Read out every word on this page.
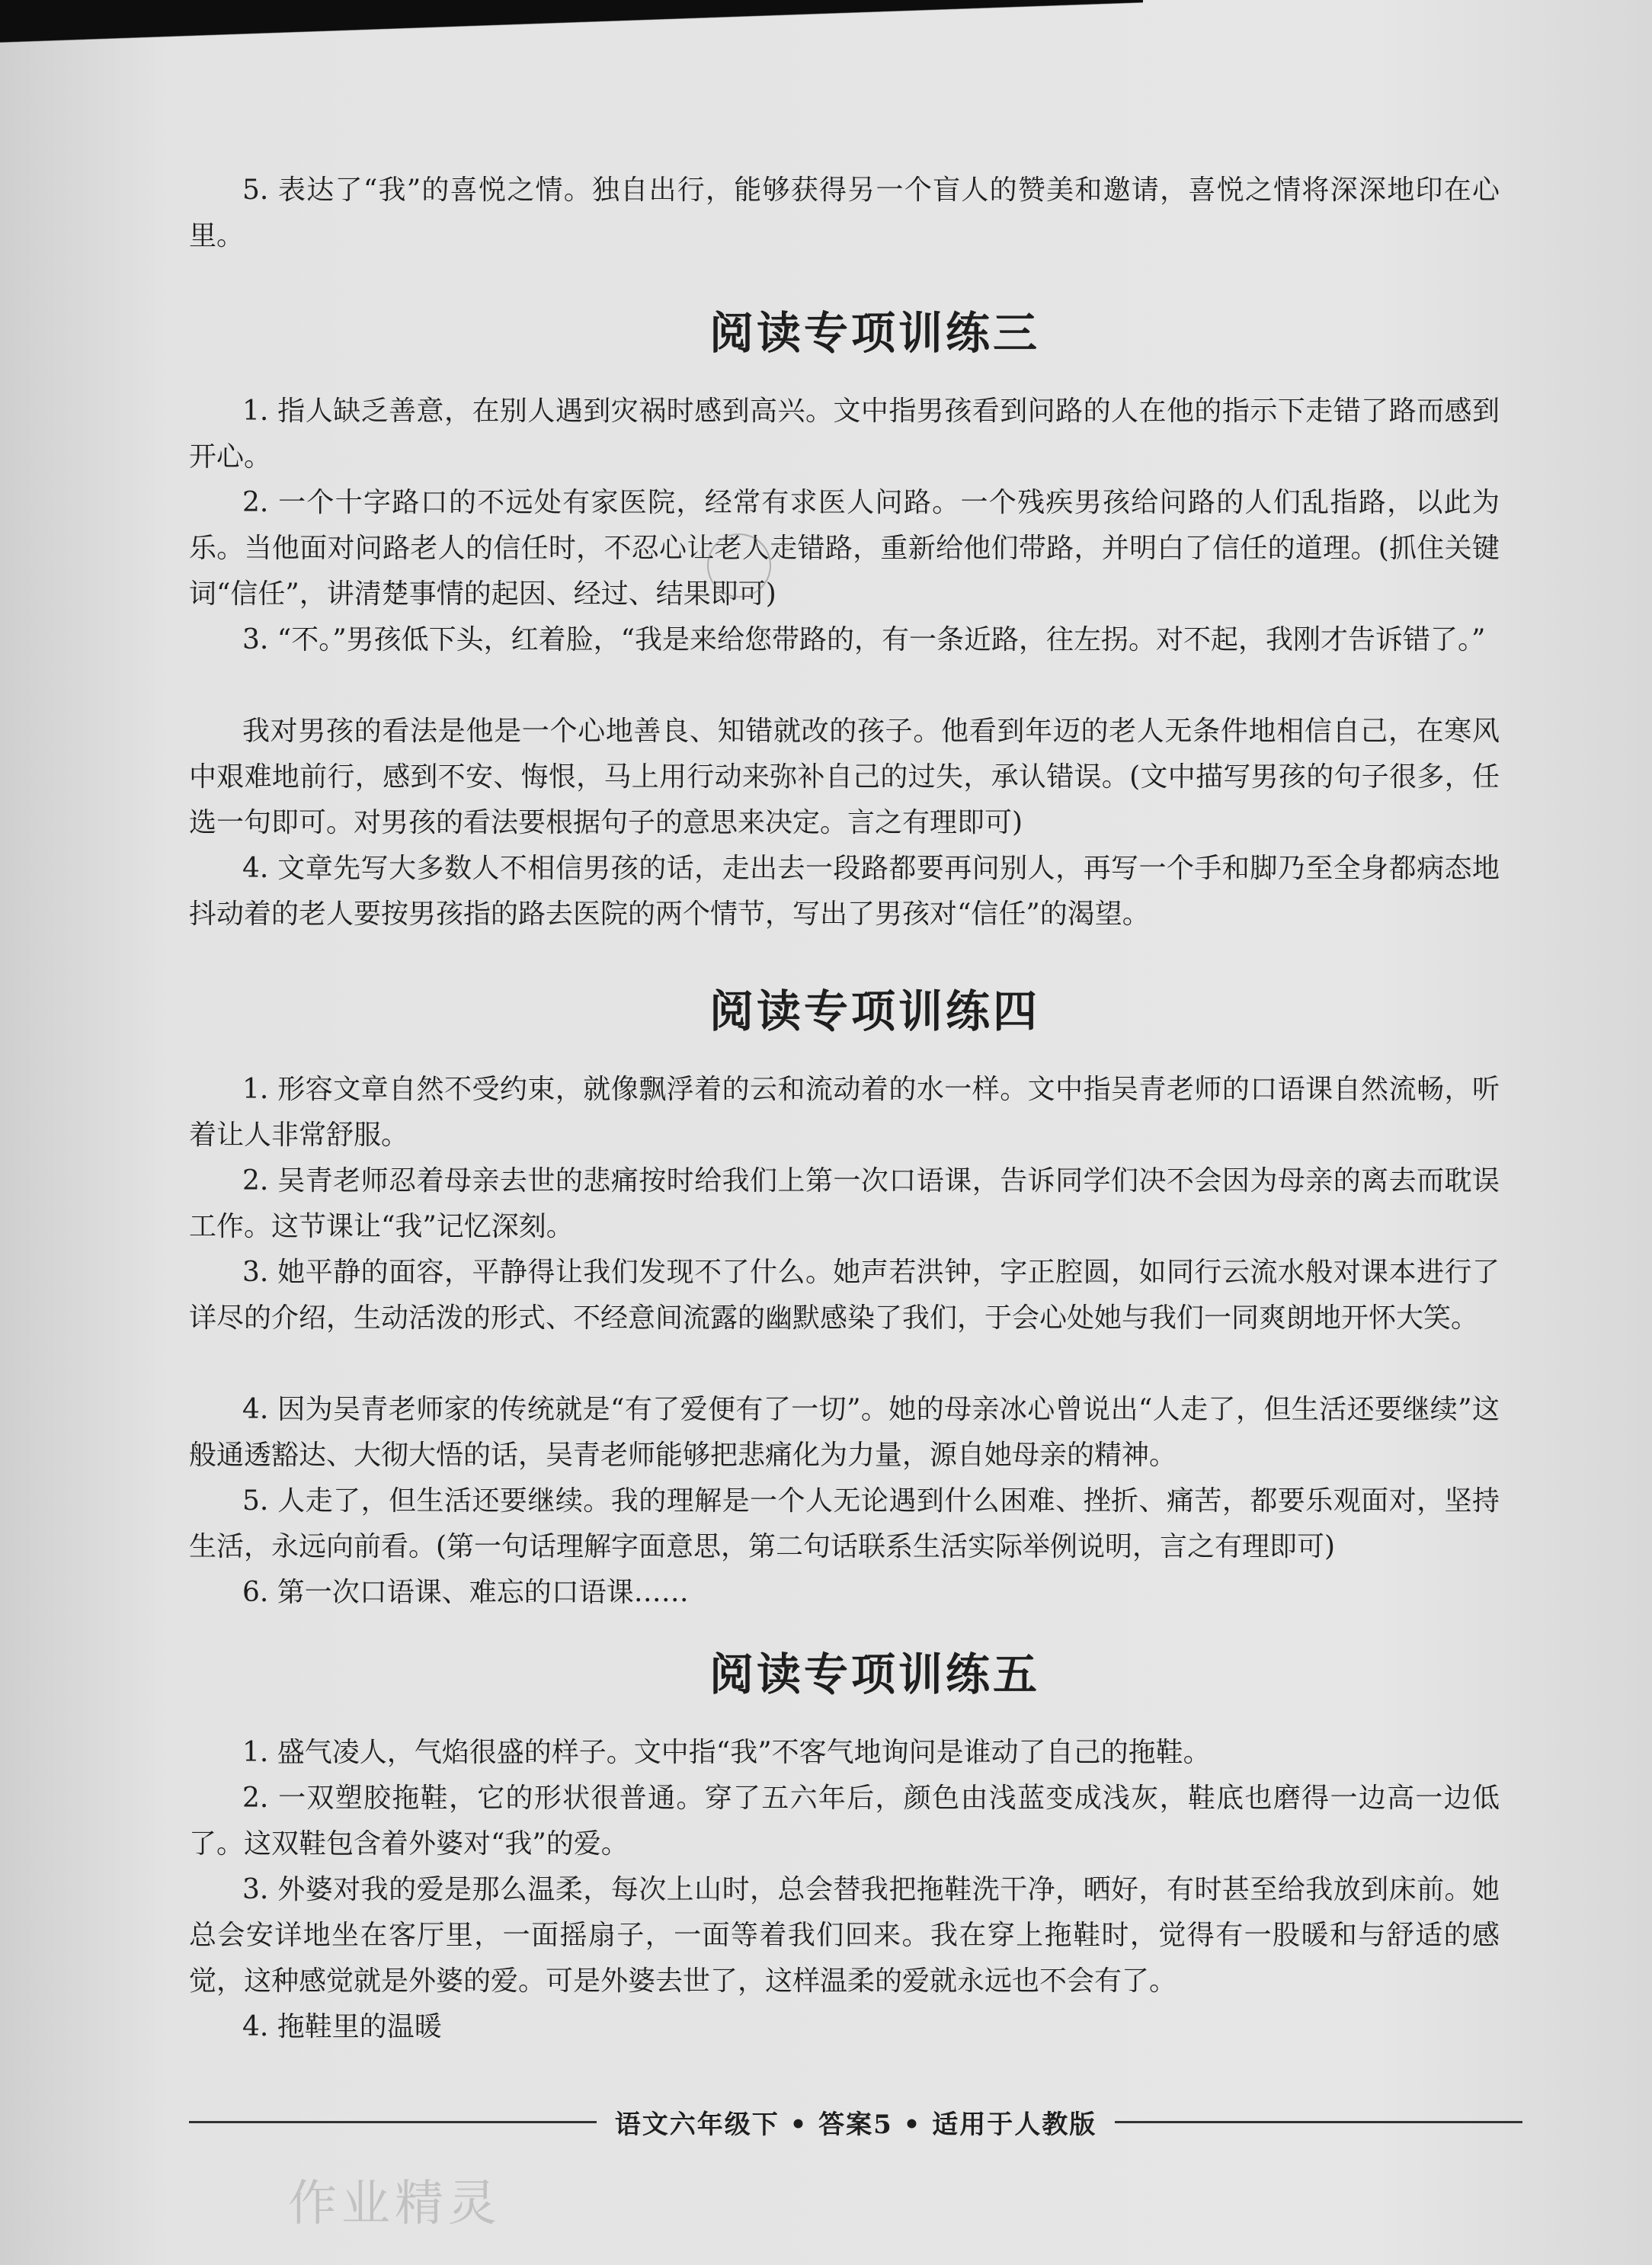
5. 表达了“我”的喜悦之情。独自出行，能够获得另一个盲人的赞美和邀请，喜悦之情将深深地印在心里。

阅读专项训练三

1. 指人缺乏善意，在别人遇到灾祸时感到高兴。文中指男孩看到问路的人在他的指示下走错了路而感到开心。

2. 一个十字路口的不远处有家医院，经常有求医人问路。一个残疾男孩给问路的人们乱指路，以此为乐。当他面对问路老人的信任时，不忍心让老人走错路，重新给他们带路，并明白了信任的道理。(抓住关键词“信任”，讲清楚事情的起因、经过、结果即可)

3. “不。”男孩低下头，红着脸，“我是来给您带路的，有一条近路，往左拐。对不起，我刚才告诉错了。”

我对男孩的看法是他是一个心地善良、知错就改的孩子。他看到年迈的老人无条件地相信自己，在寒风中艰难地前行，感到不安、悔恨，马上用行动来弥补自己的过失，承认错误。(文中描写男孩的句子很多，任选一句即可。对男孩的看法要根据句子的意思来决定。言之有理即可)

4. 文章先写大多数人不相信男孩的话，走出去一段路都要再问别人，再写一个手和脚乃至全身都病态地抖动着的老人要按男孩指的路去医院的两个情节，写出了男孩对“信任”的渴望。

阅读专项训练四

1. 形容文章自然不受约束，就像飘浮着的云和流动着的水一样。文中指吴青老师的口语课自然流畅，听着让人非常舒服。

2. 吴青老师忍着母亲去世的悲痛按时给我们上第一次口语课，告诉同学们决不会因为母亲的离去而耽误工作。这节课让“我”记忆深刻。

3. 她平静的面容，平静得让我们发现不了什么。她声若洪钟，字正腔圆，如同行云流水般对课本进行了详尽的介绍，生动活泼的形式、不经意间流露的幽默感染了我们，于会心处她与我们一同爽朗地开怀大笑。

4. 因为吴青老师家的传统就是“有了爱便有了一切”。她的母亲冰心曾说出“人走了，但生活还要继续”这般通透豁达、大彻大悟的话，吴青老师能够把悲痛化为力量，源自她母亲的精神。

5. 人走了，但生活还要继续。我的理解是一个人无论遇到什么困难、挫折、痛苦，都要乐观面对，坚持生活，永远向前看。(第一句话理解字面意思，第二句话联系生活实际举例说明，言之有理即可)

6. 第一次口语课、难忘的口语课……

阅读专项训练五

1. 盛气凌人，气焰很盛的样子。文中指“我”不客气地询问是谁动了自己的拖鞋。

2. 一双塑胶拖鞋，它的形状很普通。穿了五六年后，颜色由浅蓝变成浅灰，鞋底也磨得一边高一边低了。这双鞋包含着外婆对“我”的爱。

3. 外婆对我的爱是那么温柔，每次上山时，总会替我把拖鞋洗干净，晒好，有时甚至给我放到床前。她总会安详地坐在客厅里，一面摇扇子，一面等着我们回来。我在穿上拖鞋时，觉得有一股暖和与舒适的感觉，这种感觉就是外婆的爱。可是外婆去世了，这样温柔的爱就永远也不会有了。

4. 拖鞋里的温暖

语文六年级下 • 答案5 • 适用于人教版
作业精灵
